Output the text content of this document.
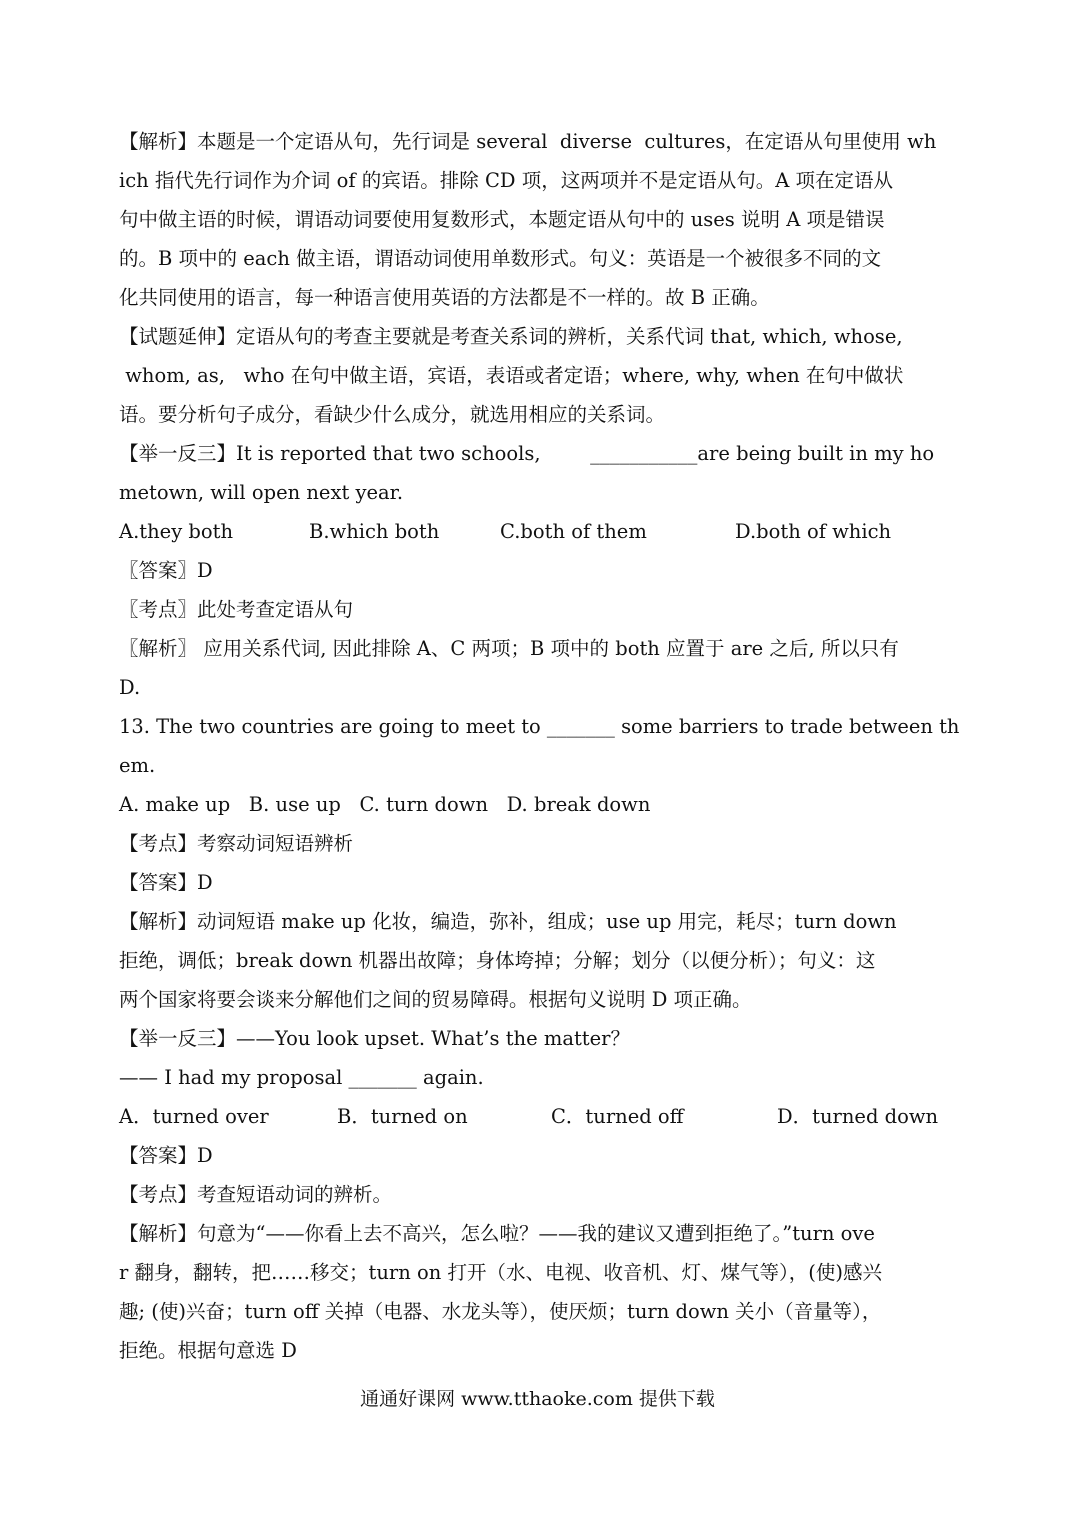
【解析】本题是一个定语从句，先行词是 several  diverse  cultures，在定语从句里使用 wh
ich 指代先行词作为介词 of 的宾语。排除 CD 项，这两项并不是定语从句。A 项在定语从
句中做主语的时候，谓语动词要使用复数形式，本题定语从句中的 uses 说明 A 项是错误
的。B 项中的 each 做主语，谓语动词使用单数形式。句义：英语是一个被很多不同的文
化共同使用的语言，每一种语言使用英语的方法都是不一样的。故 B 正确。
【试题延伸】定语从句的考查主要就是考查关系词的辨析，关系代词 that, which, whose,
whom, as,   who 在句中做主语，宾语，表语或者定语；where, why, when 在句中做状
语。要分析句子成分，看缺少什么成分，就选用相应的关系词。
【举一反三】It is reported that two schools,        ___________are being built in my ho
metown, will open next year.
A.they both	B.which both	C.both of them	D.both of which
〖答案〗D
〖考点〗此处考查定语从句
〖解析〗 应用关系代词, 因此排除 A、C 两项；B 项中的 both 应置于 are 之后, 所以只有
D.
13. The two countries are going to meet to _______ some barriers to trade between th
em.
A. make up   B. use up   C. turn down   D. break down
【考点】考察动词短语辨析
【答案】D
【解析】动词短语 make up 化妆，编造，弥补，组成；use up 用完，耗尽；turn down
拒绝，调低；break down 机器出故障；身体垮掉；分解；划分（以便分析）；句义：这
两个国家将要会谈来分解他们之间的贸易障碍。根据句义说明 D 项正确。
【举一反三】——You look upset. What’s the matter？
—— I had my proposal _______ again.
A．turned over	B．turned on	C．turned off	D．turned down
【答案】D
【考点】考查短语动词的辨析。
【解析】句意为“——你看上去不高兴，怎么啦？——我的建议又遭到拒绝了。”turn ove
r 翻身，翻转，把……移交；turn on 打开（水、电视、收音机、灯、煤气等），(使)感兴
趣; (使)兴奋；turn off 关掉（电器、水龙头等），使厌烦；turn down 关小（音量等），
拒绝。根据句意选 D
通通好课网 www.tthaoke.com 提供下载
